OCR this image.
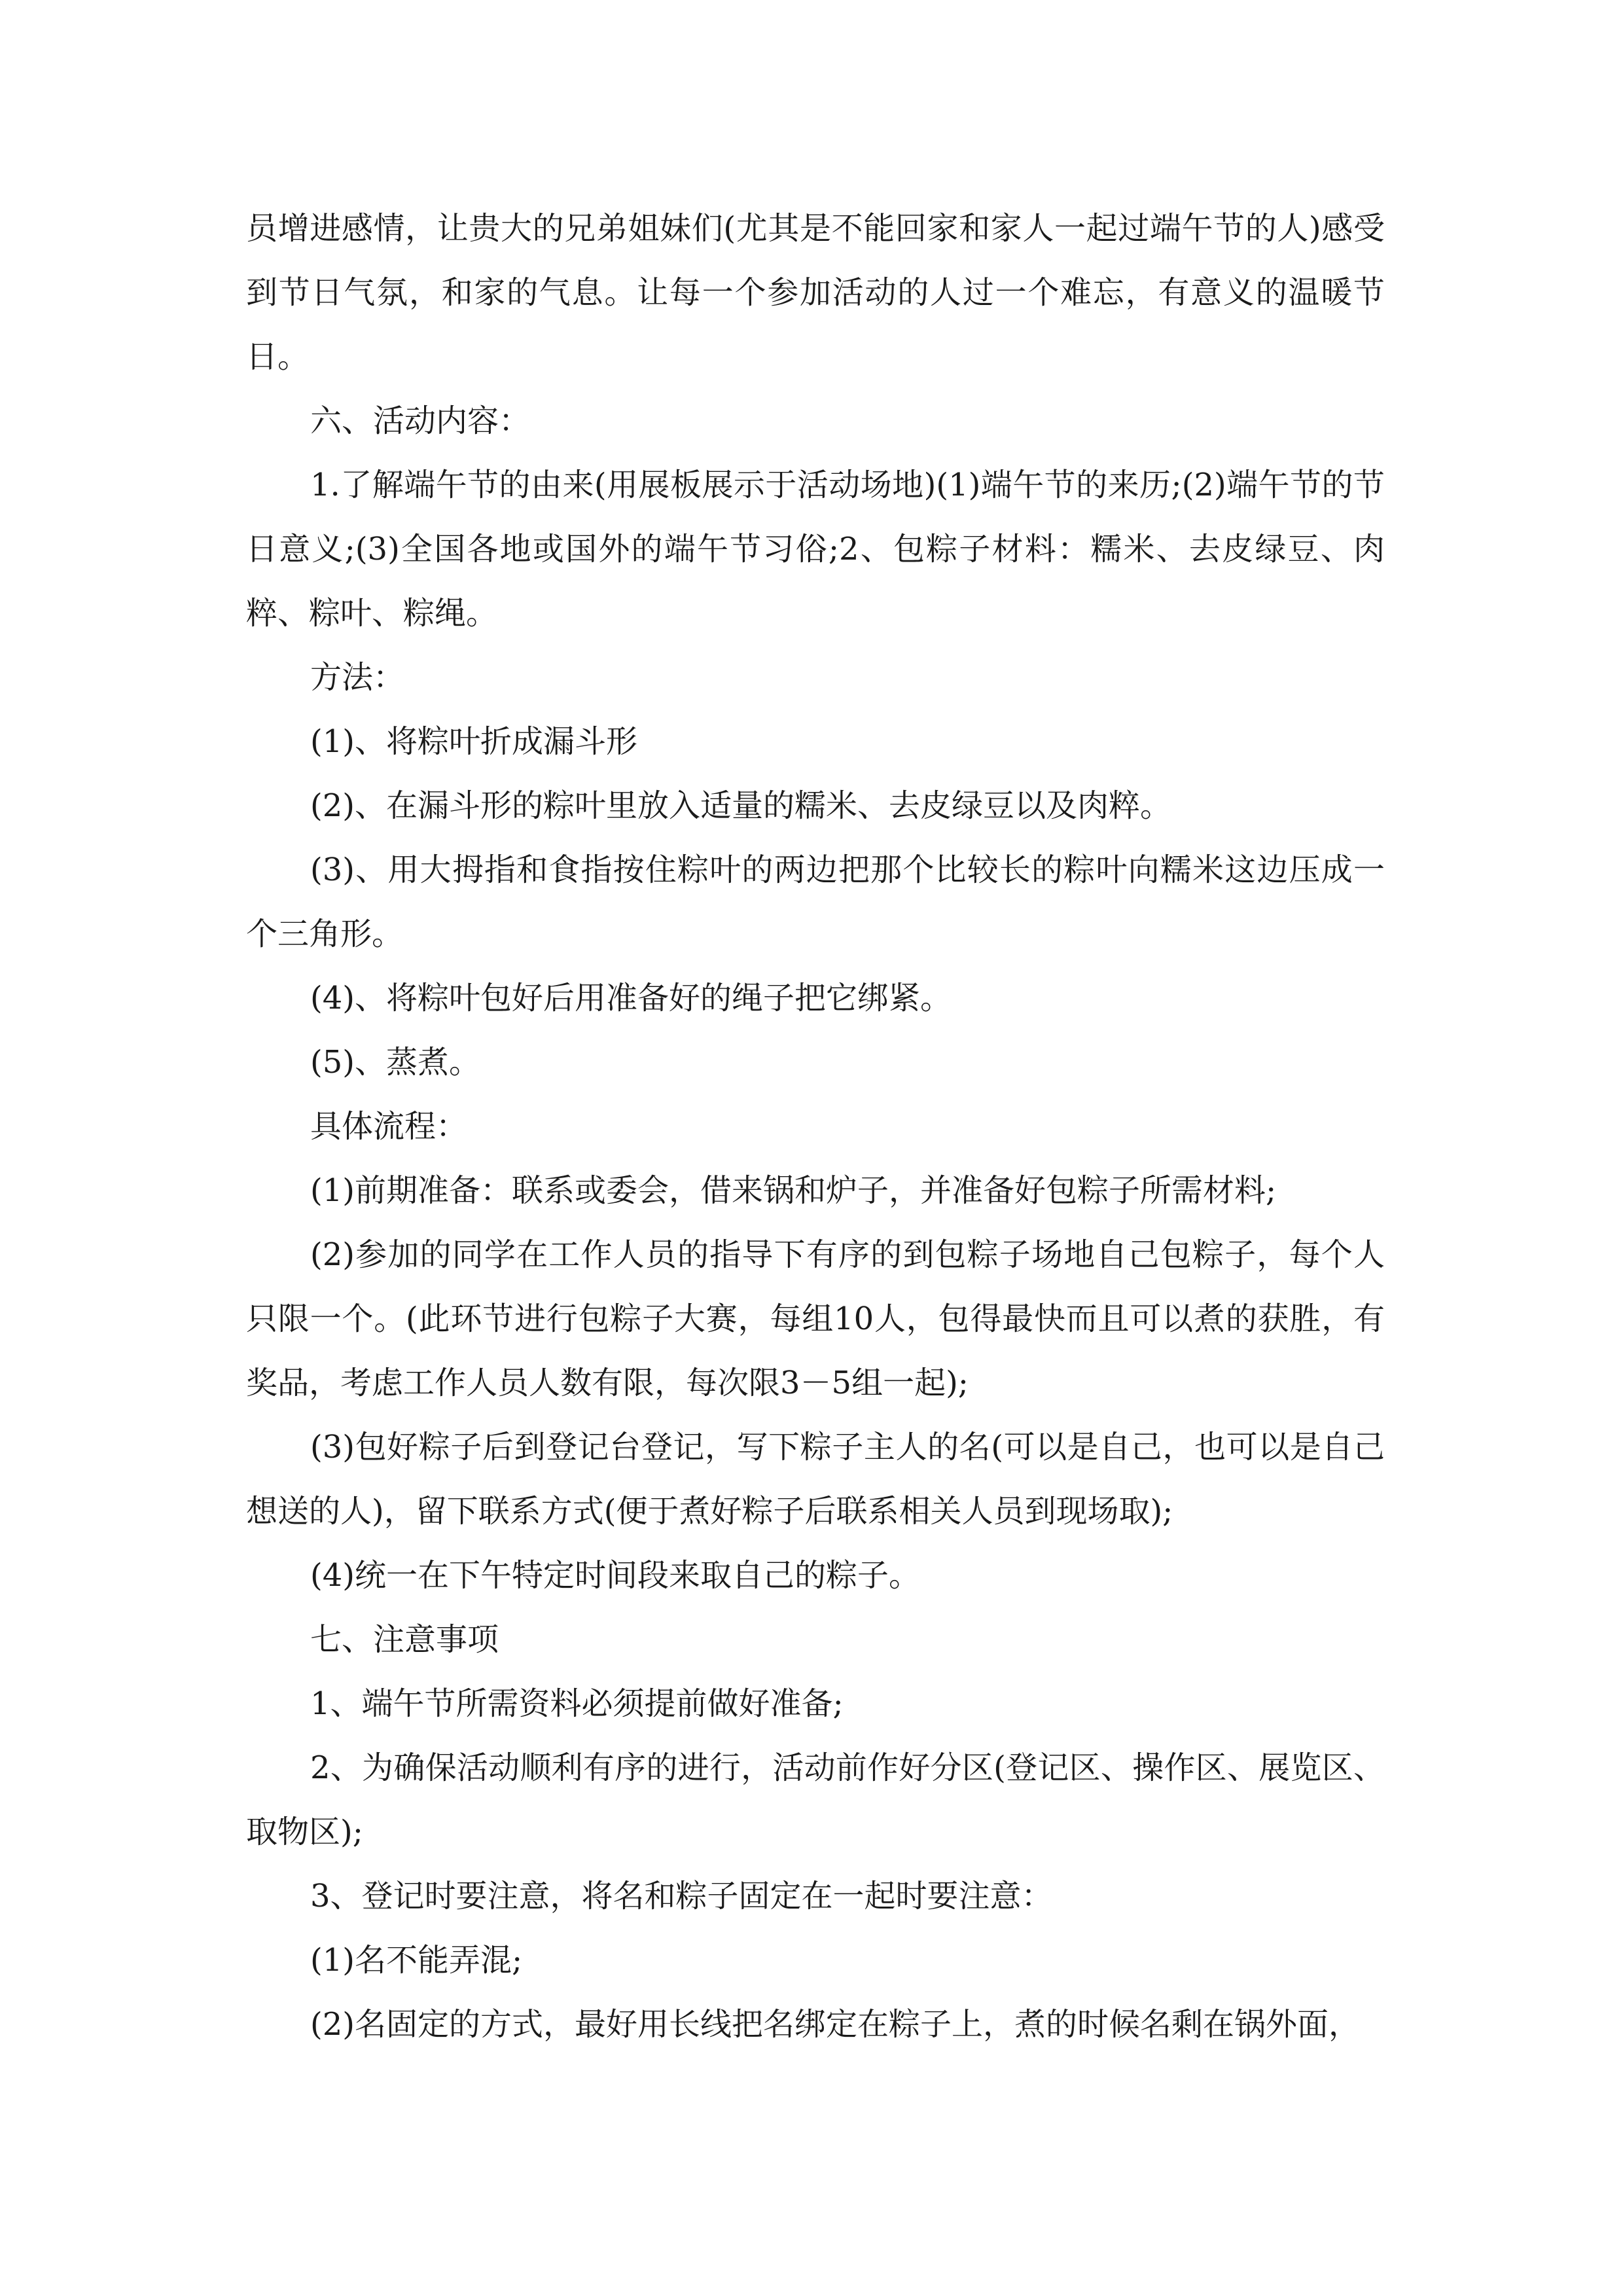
员增进感情，让贵大的兄弟姐妹们(尤其是不能回家和家人一起过端午节的人)感受到节日气氛，和家的气息。让每一个参加活动的人过一个难忘，有意义的温暖节日。

六、活动内容：

1.了解端午节的由来(用展板展示于活动场地)(1)端午节的来历;(2)端午节的节日意义;(3)全国各地或国外的端午节习俗;2、包粽子材料：糯米、去皮绿豆、肉粹、粽叶、粽绳。

方法：

(1)、将粽叶折成漏斗形

(2)、在漏斗形的粽叶里放入适量的糯米、去皮绿豆以及肉粹。

(3)、用大拇指和食指按住粽叶的两边把那个比较长的粽叶向糯米这边压成一个三角形。

(4)、将粽叶包好后用准备好的绳子把它绑紧。

(5)、蒸煮。

具体流程：

(1)前期准备：联系或委会，借来锅和炉子，并准备好包粽子所需材料;

(2)参加的同学在工作人员的指导下有序的到包粽子场地自己包粽子，每个人只限一个。(此环节进行包粽子大赛，每组10人，包得最快而且可以煮的获胜，有奖品，考虑工作人员人数有限，每次限3－5组一起);

(3)包好粽子后到登记台登记，写下粽子主人的名(可以是自己，也可以是自己想送的人)，留下联系方式(便于煮好粽子后联系相关人员到现场取);

(4)统一在下午特定时间段来取自己的粽子。

七、注意事项

1、端午节所需资料必须提前做好准备;

2、为确保活动顺利有序的进行，活动前作好分区(登记区、操作区、展览区、取物区);

3、登记时要注意，将名和粽子固定在一起时要注意：

(1)名不能弄混;

(2)名固定的方式，最好用长线把名绑定在粽子上，煮的时候名剩在锅外面，
